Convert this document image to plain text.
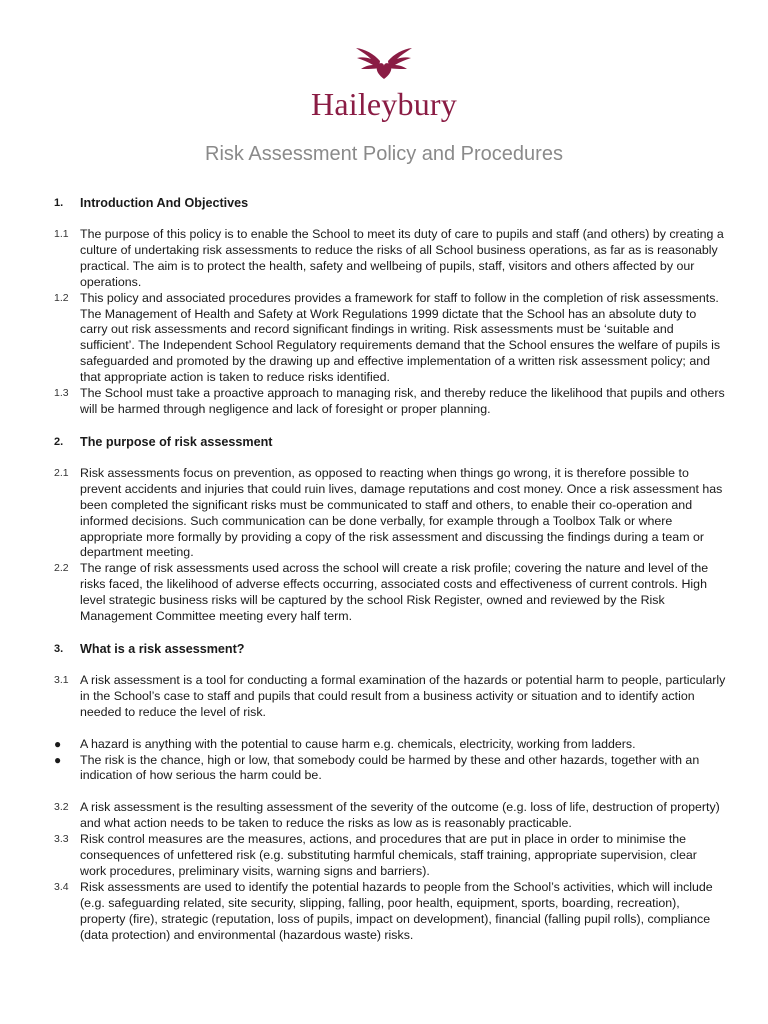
Haileybury
Risk Assessment Policy and Procedures
1.	Introduction And Objectives
1.1 The purpose of this policy is to enable the School to meet its duty of care to pupils and staff (and others) by creating a culture of undertaking risk assessments to reduce the risks of all School business operations, as far as is reasonably practical. The aim is to protect the health, safety and wellbeing of pupils, staff, visitors and others affected by our operations.
1.2 This policy and associated procedures provides a framework for staff to follow in the completion of risk assessments. The Management of Health and Safety at Work Regulations 1999 dictate that the School has an absolute duty to carry out risk assessments and record significant findings in writing. Risk assessments must be ‘suitable and sufficient’. The Independent School Regulatory requirements demand that the School ensures the welfare of pupils is safeguarded and promoted by the drawing up and effective implementation of a written risk assessment policy; and that appropriate action is taken to reduce risks identified.
1.3 The School must take a proactive approach to managing risk, and thereby reduce the likelihood that pupils and others will be harmed through negligence and lack of foresight or proper planning.
2.	The purpose of risk assessment
2.1 Risk assessments focus on prevention, as opposed to reacting when things go wrong, it is therefore possible to prevent accidents and injuries that could ruin lives, damage reputations and cost money. Once a risk assessment has been completed the significant risks must be communicated to staff and others, to enable their co-operation and informed decisions. Such communication can be done verbally, for example through a Toolbox Talk or where appropriate more formally by providing a copy of the risk assessment and discussing the findings during a team or department meeting.
2.2 The range of risk assessments used across the school will create a risk profile; covering the nature and level of the risks faced, the likelihood of adverse effects occurring, associated costs and effectiveness of current controls. High level strategic business risks will be captured by the school Risk Register, owned and reviewed by the Risk Management Committee meeting every half term.
3.	What is a risk assessment?
3.1 A risk assessment is a tool for conducting a formal examination of the hazards or potential harm to people, particularly in the School’s case to staff and pupils that could result from a business activity or situation and to identify action needed to reduce the level of risk.
●	A hazard is anything with the potential to cause harm e.g. chemicals, electricity, working from ladders.
●	The risk is the chance, high or low, that somebody could be harmed by these and other hazards, together with an indication of how serious the harm could be.
3.2 A risk assessment is the resulting assessment of the severity of the outcome (e.g. loss of life, destruction of property) and what action needs to be taken to reduce the risks as low as is reasonably practicable.
3.3 Risk control measures are the measures, actions, and procedures that are put in place in order to minimise the consequences of unfettered risk (e.g. substituting harmful chemicals, staff training, appropriate supervision, clear work procedures, preliminary visits, warning signs and barriers).
3.4 Risk assessments are used to identify the potential hazards to people from the School’s activities, which will include (e.g. safeguarding related, site security, slipping, falling, poor health, equipment, sports, boarding, recreation), property (fire), strategic (reputation, loss of pupils, impact on development), financial (falling pupil rolls), compliance (data protection) and environmental (hazardous waste) risks.
